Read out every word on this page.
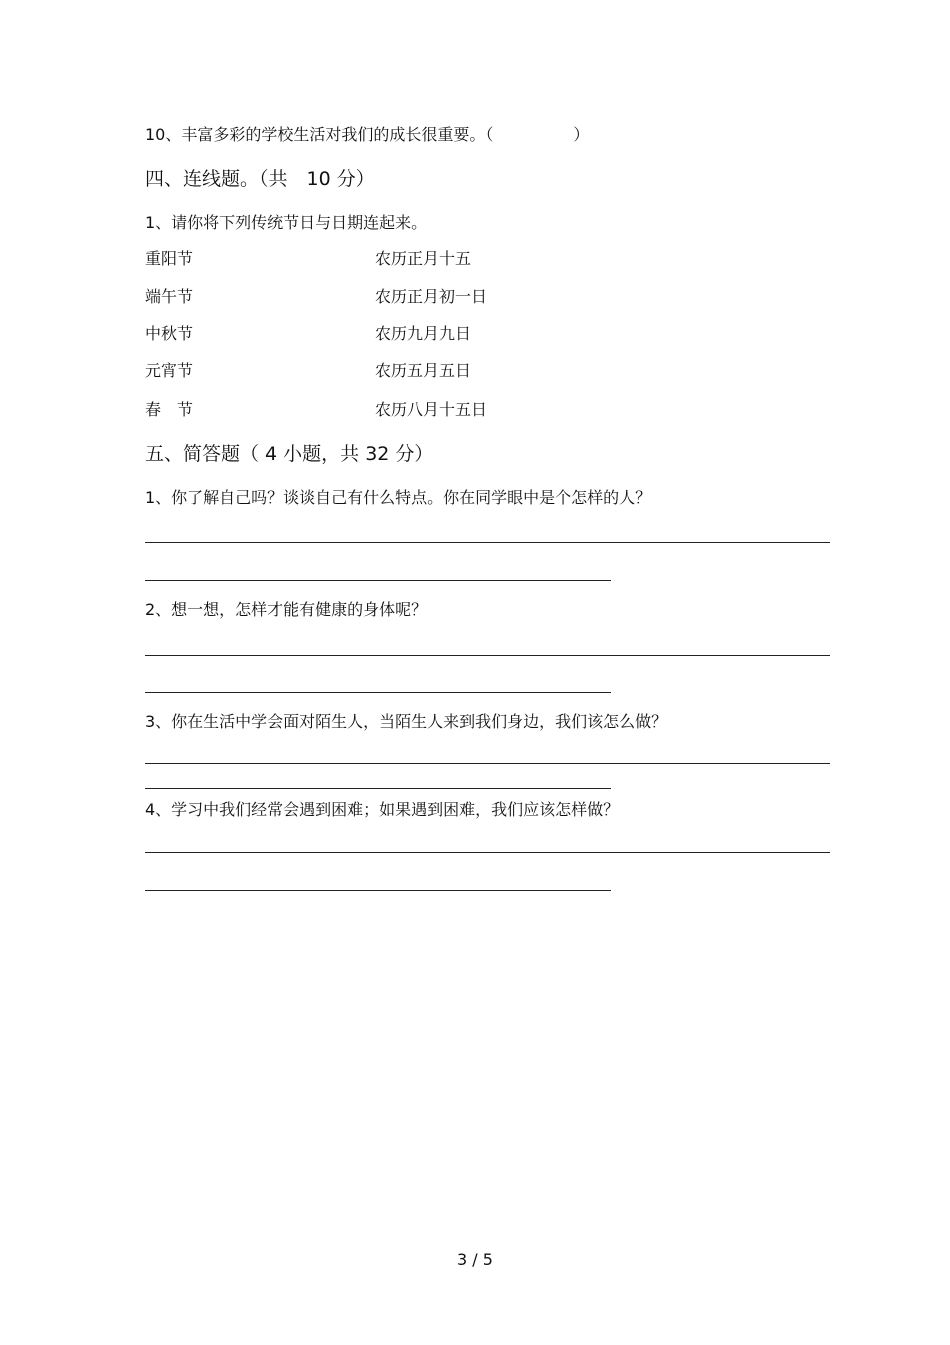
10、丰富多彩的学校生活对我们的成长很重要。（	）
四、连线题。（共　10 分）
1、请你将下列传统节日与日期连起来。
重阳节	农历正月十五
端午节	农历正月初一日
中秋节	农历九月九日
元宵节	农历五月五日
春　节	农历八月十五日
五、简答题（ 4 小题，共 32 分）
1、你了解自己吗？谈谈自己有什么特点。你在同学眼中是个怎样的人？
2、想一想，怎样才能有健康的身体呢？
3、你在生活中学会面对陌生人，当陌生人来到我们身边，我们该怎么做？
4、学习中我们经常会遇到困难；如果遇到困难，我们应该怎样做？
3 / 5
